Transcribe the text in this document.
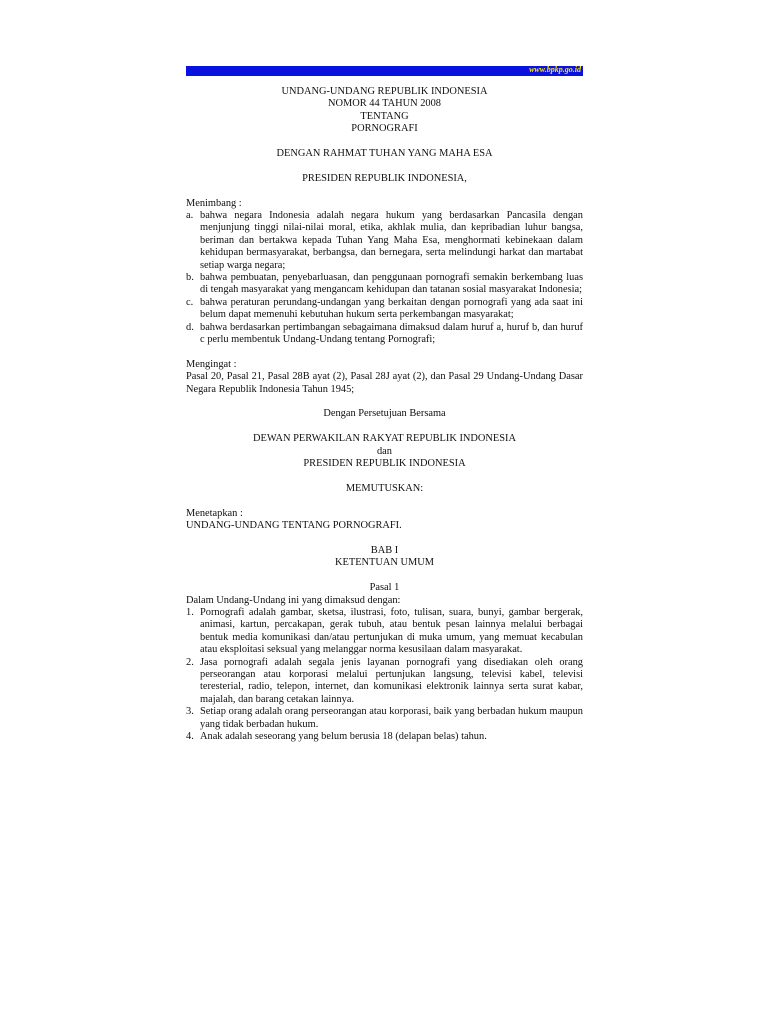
www.bpkp.go.id
UNDANG-UNDANG REPUBLIK INDONESIA
NOMOR 44 TAHUN 2008
TENTANG
PORNOGRAFI
DENGAN RAHMAT TUHAN YANG MAHA ESA
PRESIDEN REPUBLIK INDONESIA,
Menimbang :
a. bahwa negara Indonesia adalah negara hukum yang berdasarkan Pancasila dengan menjunjung tinggi nilai-nilai moral, etika, akhlak mulia, dan kepribadian luhur bangsa, beriman dan bertakwa kepada Tuhan Yang Maha Esa, menghormati kebinekaan dalam kehidupan bermasyarakat, berbangsa, dan bernegara, serta melindungi harkat dan martabat setiap warga negara;
b. bahwa pembuatan, penyebarluasan, dan penggunaan pornografi semakin berkembang luas di tengah masyarakat yang mengancam kehidupan dan tatanan sosial masyarakat Indonesia;
c. bahwa peraturan perundang-undangan yang berkaitan dengan pornografi yang ada saat ini belum dapat memenuhi kebutuhan hukum serta perkembangan masyarakat;
d. bahwa berdasarkan pertimbangan sebagaimana dimaksud dalam huruf a, huruf b, dan huruf c perlu membentuk Undang-Undang tentang Pornografi;
Mengingat :
Pasal 20, Pasal 21, Pasal 28B ayat (2), Pasal 28J ayat (2), dan Pasal 29 Undang-Undang Dasar Negara Republik Indonesia Tahun 1945;
Dengan Persetujuan Bersama
DEWAN PERWAKILAN RAKYAT REPUBLIK INDONESIA
dan
PRESIDEN REPUBLIK INDONESIA
MEMUTUSKAN:
Menetapkan :
UNDANG-UNDANG TENTANG PORNOGRAFI.
BAB I
KETENTUAN UMUM
Pasal 1
Dalam Undang-Undang ini yang dimaksud dengan:
1. Pornografi adalah gambar, sketsa, ilustrasi, foto, tulisan, suara, bunyi, gambar bergerak, animasi, kartun, percakapan, gerak tubuh, atau bentuk pesan lainnya melalui berbagai bentuk media komunikasi dan/atau pertunjukan di muka umum, yang memuat kecabulan atau eksploitasi seksual yang melanggar norma kesusilaan dalam masyarakat.
2. Jasa pornografi adalah segala jenis layanan pornografi yang disediakan oleh orang perseorangan atau korporasi melalui pertunjukan langsung, televisi kabel, televisi teresterial, radio, telepon, internet, dan komunikasi elektronik lainnya serta surat kabar, majalah, dan barang cetakan lainnya.
3. Setiap orang adalah orang perseorangan atau korporasi, baik yang berbadan hukum maupun yang tidak berbadan hukum.
4. Anak adalah seseorang yang belum berusia 18 (delapan belas) tahun.
